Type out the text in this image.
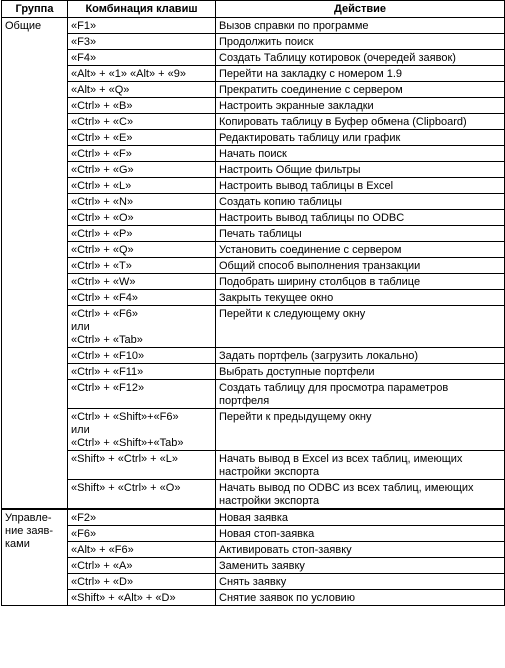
Группа	Комбинация клавиш	Действие
Общие	«F1»	Вызов справки по программе

	«F3»	Продолжить поиск

	«F4»	Создать Таблицу котировок (очередей заявок)

	«Alt» + «1» «Alt» + «9»	Перейти на закладку с номером 1.9

	«Alt» + «Q»	Прекратить соединение с сервером

	«Ctrl» + «B»	Настроить экранные закладки

	«Ctrl» + «C»	Копировать таблицу в Буфер обмена (Clipboard)

	«Ctrl» + «E»	Редактировать таблицу или график

	«Ctrl» + «F»	Начать поиск

	«Ctrl» + «G»	Настроить Общие фильтры

	«Ctrl» + «L»	Настроить вывод таблицы в Excel

	«Ctrl» + «N»	Создать копию таблицы

	«Ctrl» + «O»	Настроить вывод таблицы по ODBC

	«Ctrl» + «P»	Печать таблицы

	«Ctrl» + «Q»	Установить соединение с сервером

	«Ctrl» + «T»	Общий способ выполнения транзакции

	«Ctrl» + «W»	Подобрать ширину столбцов в таблице

	«Ctrl» + «F4»	Закрыть текущее окно

	«Ctrl» + «F6»
или
«Ctrl» + «Tab»	Перейти к следующему окну

	«Ctrl» + «F10»	Задать портфель (загрузить локально)

	«Ctrl» + «F11»	Выбрать доступные портфели

	«Ctrl» + «F12»	Создать таблицу для просмотра параметров портфеля

	«Ctrl» + «Shift»+«F6»
или
«Ctrl» + «Shift»+«Tab»	Перейти к предыдущему окну

	«Shift» + «Ctrl» + «L»	Начать вывод в Excel из всех таблиц, имеющих настройки экспорта

	«Shift» + «Ctrl» + «O»	Начать вывод по ODBC из всех таблиц, имеющих настройки экспорта

Управле-
ние заяв-
ками	«F2»	Новая заявка

	«F6»	Новая стоп-заявка

	«Alt» + «F6»	Активировать стоп-заявку

	«Ctrl» + «A»	Заменить заявку

	«Ctrl» + «D»	Снять заявку

	«Shift» + «Alt» + «D»	Снятие заявок по условию
